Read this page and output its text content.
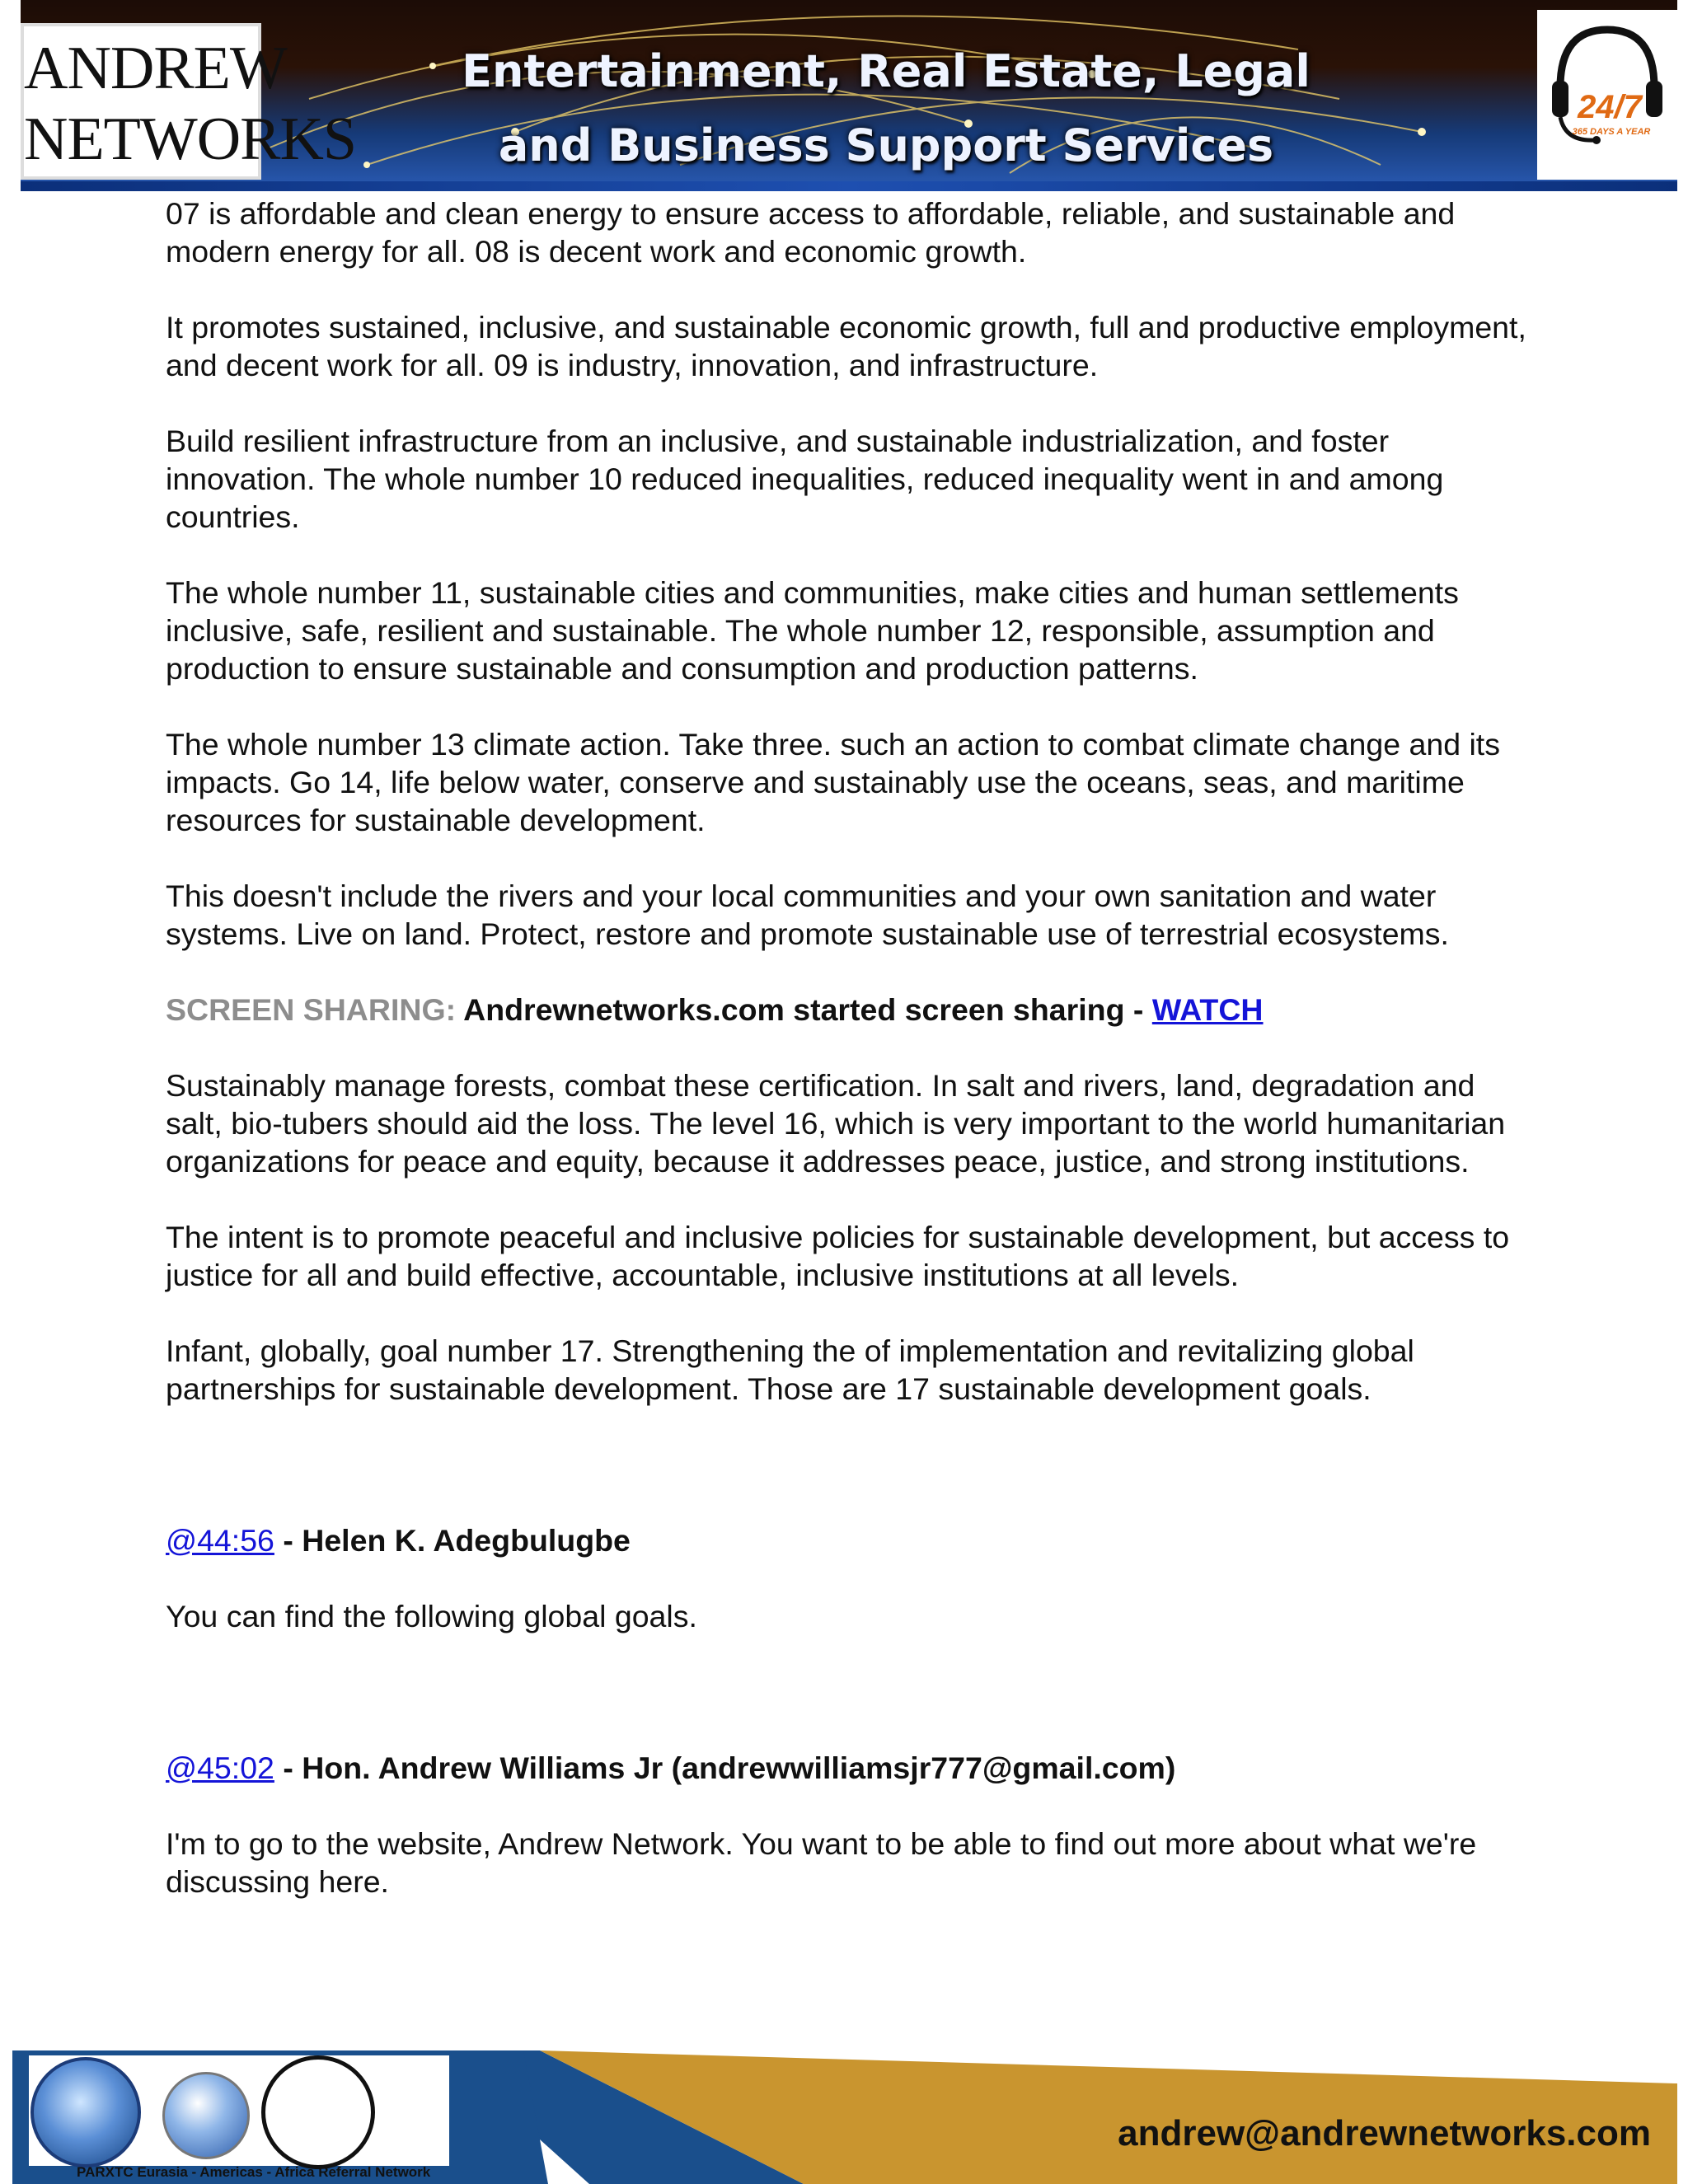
ANDREW
NETWORKS
Entertainment, Real Estate, Legal
and Business Support Services
24/7
365 DAYS A YEAR

07 is affordable and clean energy to ensure access to affordable, reliable, and sustainable and modern energy for all. 08 is decent work and economic growth.

It promotes sustained, inclusive, and sustainable economic growth, full and productive employment, and decent work for all. 09 is industry, innovation, and infrastructure.

Build resilient infrastructure from an inclusive, and sustainable industrialization, and foster innovation. The whole number 10 reduced inequalities, reduced inequality went in and among countries.

The whole number 11, sustainable cities and communities, make cities and human settlements inclusive, safe, resilient and sustainable. The whole number 12, responsible, assumption and production to ensure sustainable and consumption and production patterns.

The whole number 13 climate action. Take three. such an action to combat climate change and its impacts. Go 14, life below water, conserve and sustainably use the oceans, seas, and maritime resources for sustainable development.

This doesn't include the rivers and your local communities and your own sanitation and water systems. Live on land. Protect, restore and promote sustainable use of terrestrial ecosystems.

SCREEN SHARING: Andrewnetworks.com started screen sharing - WATCH

Sustainably manage forests, combat these certification. In salt and rivers, land, degradation and salt, bio-tubers should aid the loss. The level 16, which is very important to the world humanitarian organizations for peace and equity, because it addresses peace, justice, and strong institutions.

The intent is to promote peaceful and inclusive policies for sustainable development, but access to justice for all and build effective, accountable, inclusive institutions at all levels.

Infant, globally, goal number 17. Strengthening the of implementation and revitalizing global partnerships for sustainable development. Those are 17 sustainable development goals.

@44:56 - Helen K. Adegbulugbe

You can find the following global goals.

@45:02 - Hon. Andrew Williams Jr (andrewwilliamsjr777@gmail.com)

I'm to go to the website, Andrew Network. You want to be able to find out more about what we're discussing here.

PARXTC Eurasia - Americas - Africa Referral Network
andrew@andrewnetworks.com
